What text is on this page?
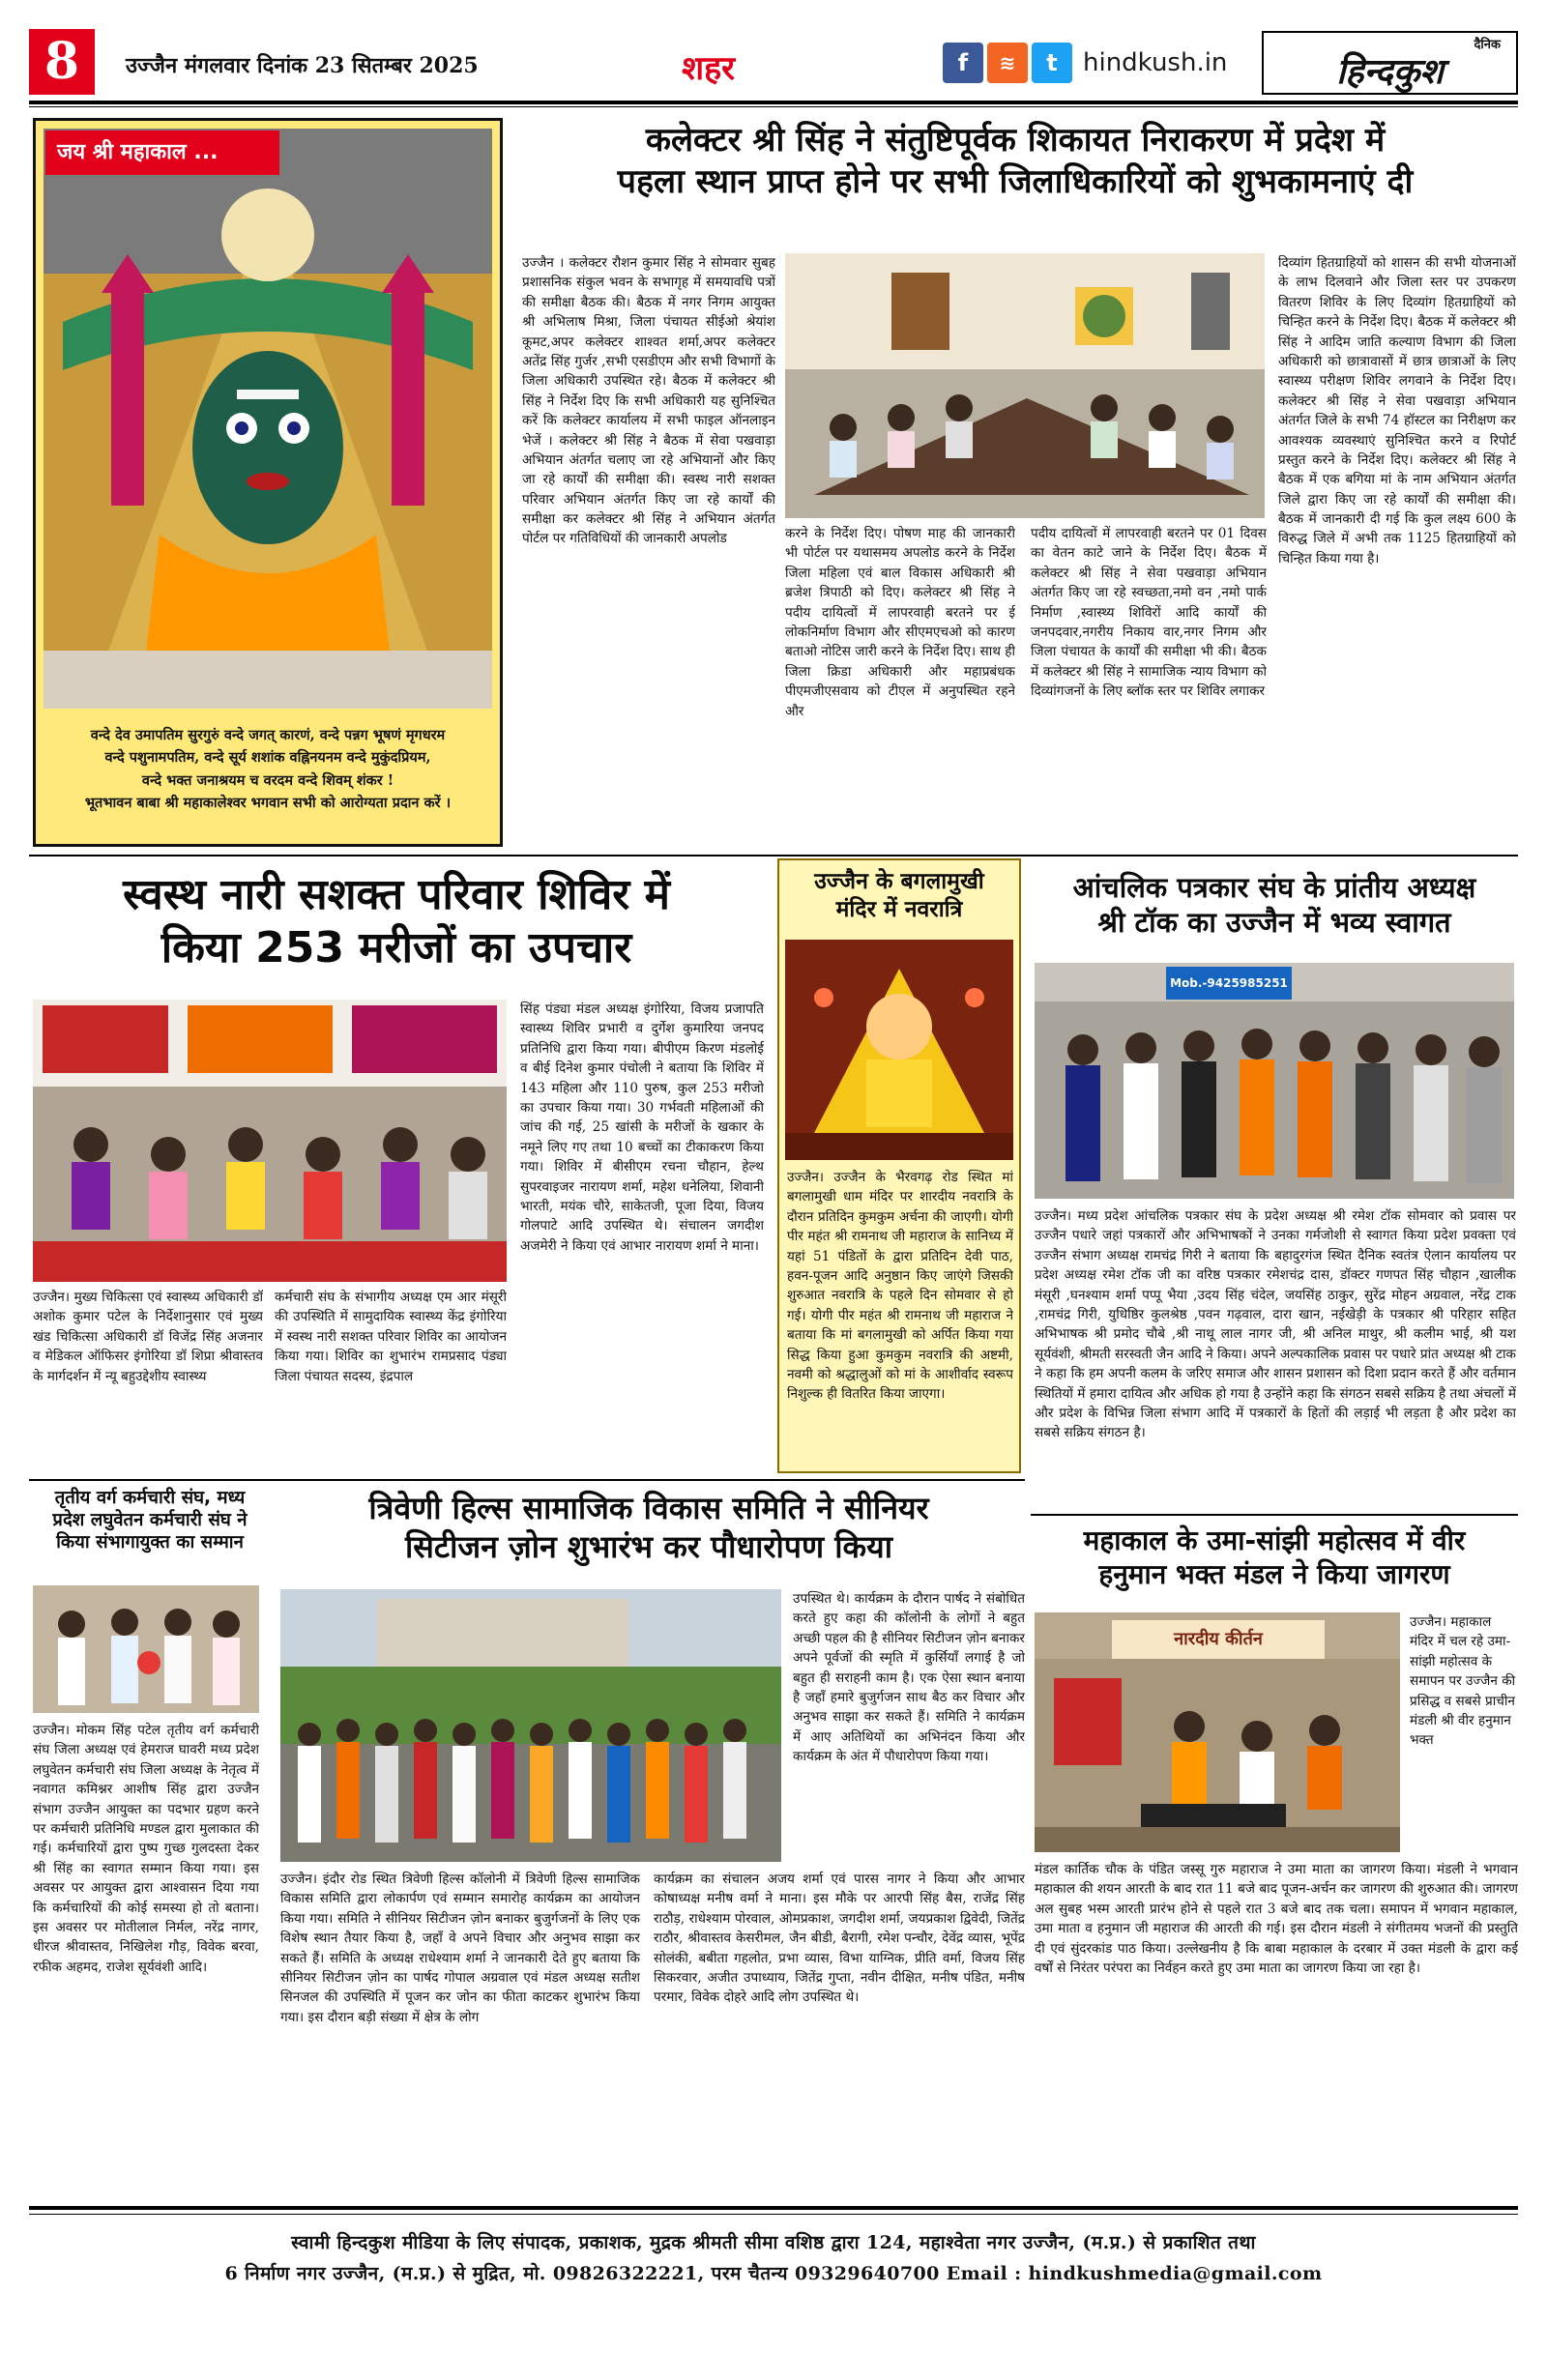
8	उज्जैन मंगलवार दिनांक 23 सितम्बर 2025	शहर	f	≋	t	hindkush.in
दैनिक
हिन्दकुश
जय श्री महाकाल ...
वन्दे देव उमापतिम सुरगुरुं वन्दे जगत् कारणं, वन्दे पन्नग भूषणं मृगधरम
वन्दे पशुनामपतिम, वन्दे सूर्य शशांक वह्निनयनम वन्दे मुकुंदप्रियम,
वन्दे भक्त जनाश्रयम च वरदम वन्दे शिवम् शंकर !
भूतभावन बाबा श्री महाकालेश्वर भगवान सभी को आरोग्यता प्रदान करें ।
कलेक्टर श्री सिंह ने संतुष्टिपूर्वक शिकायत निराकरण में प्रदेश में
पहला स्थान प्राप्त होने पर सभी जिलाधिकारियों को शुभकामनाएं दी
उज्जैन । कलेक्टर रौशन कुमार सिंह ने सोमवार सुबह प्रशासनिक संकुल भवन के सभागृह में समयावधि पत्रों की समीक्षा बैठक की। बैठक में नगर निगम आयुक्त श्री अभिलाष मिश्रा, जिला पंचायत सीईओ श्रेयांश कूमट,अपर कलेक्टर शाश्वत शर्मा,अपर कलेक्टर अतेंद्र सिंह गुर्जर ,सभी एसडीएम और सभी विभागों के जिला अधिकारी उपस्थित रहे। बैठक में कलेक्टर श्री सिंह ने निर्देश दिए कि सभी अधिकारी यह सुनिश्चित करें कि कलेक्टर कार्यालय में सभी फाइल ऑनलाइन भेजें । कलेक्टर श्री सिंह ने बैठक में सेवा पखवाड़ा अभियान अंतर्गत चलाए जा रहे अभियानों और किए जा रहे कार्यों की समीक्षा की। स्वस्थ नारी सशक्त परिवार अभियान अंतर्गत किए जा रहे कार्यों की समीक्षा कर कलेक्टर श्री सिंह ने अभियान अंतर्गत पोर्टल पर गतिविधियों की जानकारी अपलोड	करने के निर्देश दिए। पोषण माह की जानकारी भी पोर्टल पर यथासमय अपलोड करने के निर्देश जिला महिला एवं बाल विकास अधिकारी श्री ब्रजेश त्रिपाठी को दिए। कलेक्टर श्री सिंह ने पदीय दायित्वों में लापरवाही बरतने पर ई लोकनिर्माण विभाग और सीएमएचओ को कारण बताओ नोटिस जारी करने के निर्देश दिए। साथ ही जिला क्रिडा अधिकारी और महाप्रबंधक पीएमजीएसवाय को टीएल में अनुपस्थित रहने और
पदीय दायित्वों में लापरवाही बरतने पर 01 दिवस का वेतन काटे जाने के निर्देश दिए। बैठक में कलेक्टर श्री सिंह ने सेवा पखवाड़ा अभियान अंतर्गत किए जा रहे स्वच्छता,नमो वन ,नमो पार्क निर्माण ,स्वास्थ्य शिविरों आदि कार्यों की जनपदवार,नगरीय निकाय वार,नगर निगम और जिला पंचायत के कार्यों की समीक्षा भी की। बैठक में कलेक्टर श्री सिंह ने सामाजिक न्याय विभाग को दिव्यांगजनों के लिए ब्लॉक स्तर पर शिविर लगाकर
दिव्यांग हितग्राहियों को शासन की सभी योजनाओं के लाभ दिलवाने और जिला स्तर पर उपकरण वितरण शिविर के लिए दिव्यांग हितग्राहियों को चिन्हित करने के निर्देश दिए। बैठक में कलेक्टर श्री सिंह ने आदिम जाति कल्याण विभाग की जिला अधिकारी को छात्रावासों में छात्र छात्राओं के लिए स्वास्थ्य परीक्षण शिविर लगवाने के निर्देश दिए। कलेक्टर श्री सिंह ने सेवा पखवाड़ा अभियान अंतर्गत जिले के सभी 74 हॉस्टल का निरीक्षण कर आवश्यक व्यवस्थाएं सुनिश्चित करने व रिपोर्ट प्रस्तुत करने के निर्देश दिए। कलेक्टर श्री सिंह ने बैठक में एक बगिया मां के नाम अभियान अंतर्गत जिले द्वारा किए जा रहे कार्यों की समीक्षा की। बैठक में जानकारी दी गई कि कुल लक्ष्य 600 के विरुद्ध जिले में अभी तक 1125 हितग्राहियों को चिन्हित किया गया है।
स्वस्थ नारी सशक्त परिवार शिविर में
किया 253 मरीजों का उपचार
उज्जैन। मुख्य चिकित्सा एवं स्वास्थ्य अधिकारी डॉ अशोक कुमार पटेल के निर्देशानुसार एवं मुख्य खंड चिकित्सा अधिकारी डॉ विजेंद्र सिंह अजनार व मेडिकल ऑफिसर इंगोरिया डॉ शिप्रा श्रीवास्तव के मार्गदर्शन में न्यू बहुउद्देशीय स्वास्थ्य
कर्मचारी संघ के संभागीय अध्यक्ष एम आर मंसूरी की उपस्थिति में सामुदायिक स्वास्थ्य केंद्र इंगोरिया में स्वस्थ नारी सशक्त परिवार शिविर का आयोजन किया गया। शिविर का शुभारंभ रामप्रसाद पंड्या जिला पंचायत सदस्य, इंद्रपाल
सिंह पंड्या मंडल अध्यक्ष इंगोरिया, विजय प्रजापति स्वास्थ्य शिविर प्रभारी व दुर्गेश कुमारिया जनपद प्रतिनिधि द्वारा किया गया। बीपीएम किरण मंडलोई व बीई दिनेश कुमार पंचोली ने बताया कि शिविर में 143 महिला और 110 पुरुष, कुल 253 मरीजो का उपचार किया गया। 30 गर्भवती महिलाओं की जांच की गई, 25 खांसी के मरीजों के खकार के नमूने लिए गए तथा 10 बच्चों का टीकाकरण किया गया। शिविर में बीसीएम रचना चौहान, हेल्थ सुपरवाइजर नारायण शर्मा, महेश धनेलिया, शिवानी भारती, मयंक चौरे, साकेतजी, पूजा दिया, विजय गोलपाटे आदि उपस्थित थे। संचालन जगदीश अजमेरी ने किया एवं आभार नारायण शर्मा ने माना।
उज्जैन के बगलामुखी
मंदिर में नवरात्रि
उज्जैन। उज्जैन के भैरवगढ़ रोड स्थित मां बगलामुखी धाम मंदिर पर शारदीय नवरात्रि के दौरान प्रतिदिन कुमकुम अर्चना की जाएगी। योगी पीर महंत श्री रामनाथ जी महाराज के सानिध्य में यहां 51 पंडितों के द्वारा प्रतिदिन देवी पाठ, हवन-पूजन आदि अनुष्ठान किए जाएंगे जिसकी शुरुआत नवरात्रि के पहले दिन सोमवार से हो गई। योगी पीर महंत श्री रामनाथ जी महाराज ने बताया कि मां बगलामुखी को अर्पित किया गया सिद्ध किया हुआ कुमकुम नवरात्रि की अष्टमी, नवमी को श्रद्धालुओं को मां के आशीर्वाद स्वरूप निशुल्क ही वितरित किया जाएगा।
आंचलिक पत्रकार संघ के प्रांतीय अध्यक्ष
श्री टॉक का उज्जैन में भव्य स्वागत
Mob.-9425985251
उज्जैन। मध्य प्रदेश आंचलिक पत्रकार संघ के प्रदेश अध्यक्ष श्री रमेश टॉक सोमवार को प्रवास पर उज्जैन पधारे जहां पत्रकारों और अभिभाषकों ने उनका गर्मजोशी से स्वागत किया प्रदेश प्रवक्ता एवं उज्जैन संभाग अध्यक्ष रामचंद्र गिरी ने बताया कि बहादुरगंज स्थित दैनिक स्वतंत्र ऐलान कार्यालय पर प्रदेश अध्यक्ष रमेश टॉक जी का वरिष्ठ पत्रकार रमेशचंद्र दास, डॉक्टर गणपत सिंह चौहान ,खालीक मंसूरी ,घनश्याम शर्मा पप्पू भैया ,उदय सिंह चंदेल, जयसिंह ठाकुर, सुरेंद्र मोहन अग्रवाल, नरेंद्र टाक ,रामचंद्र गिरी, युधिष्ठिर कुलश्रेष्ठ ,पवन गढ़वाल, दारा खान, नईखेड़ी के पत्रकार श्री परिहार सहित अभिभाषक श्री प्रमोद चौबे ,श्री नाथू लाल नागर जी, श्री अनिल माथुर, श्री कलीम भाई, श्री यश सूर्यवंशी, श्रीमती सरस्वती जैन आदि ने किया। अपने अल्पकालिक प्रवास पर पधारे प्रांत अध्यक्ष श्री टाक ने कहा कि हम अपनी कलम के जरिए समाज और शासन प्रशासन को दिशा प्रदान करते हैं और वर्तमान स्थितियों में हमारा दायित्व और अधिक हो गया है उन्होंने कहा कि संगठन सबसे सक्रिय है तथा अंचलों में और प्रदेश के विभिन्न जिला संभाग आदि में पत्रकारों के हितों की लड़ाई भी लड़ता है और प्रदेश का सबसे सक्रिय संगठन है।
तृतीय वर्ग कर्मचारी संघ, मध्य
प्रदेश लघुवेतन कर्मचारी संघ ने
किया संभागायुक्त का सम्मान
उज्जैन। मोकम सिंह पटेल तृतीय वर्ग कर्मचारी संघ जिला अध्यक्ष एवं हेमराज घावरी मध्य प्रदेश लघुवेतन कर्मचारी संघ जिला अध्यक्ष के नेतृत्व में नवागत कमिश्नर आशीष सिंह द्वारा उज्जैन संभाग उज्जैन आयुक्त का पदभार ग्रहण करने पर कर्मचारी प्रतिनिधि मण्डल द्वारा मुलाकात की गई। कर्मचारियों द्वारा पुष्प गुच्छ गुलदस्ता देकर श्री सिंह का स्वागत सम्मान किया गया। इस अवसर पर आयुक्त द्वारा आश्वासन दिया गया कि कर्मचारियों की कोई समस्या हो तो बताना। इस अवसर पर मोतीलाल निर्मल, नरेंद्र नागर, धीरज श्रीवास्तव, निखिलेश गौड़, विवेक बरवा, रफीक अहमद, राजेश सूर्यवंशी आदि।
त्रिवेणी हिल्स सामाजिक विकास समिति ने सीनियर
सिटीजन ज़ोन शुभारंभ कर पौधारोपण किया
उज्जैन। इंदौर रोड स्थित त्रिवेणी हिल्स कॉलोनी में त्रिवेणी हिल्स सामाजिक विकास समिति द्वारा लोकार्पण एवं सम्मान समारोह कार्यक्रम का आयोजन किया गया। समिति ने सीनियर सिटीजन ज़ोन बनाकर बुजुर्गजनों के लिए एक विशेष स्थान तैयार किया है, जहाँ वे अपने विचार और अनुभव साझा कर सकते हैं। समिति के अध्यक्ष राधेश्याम शर्मा ने जानकारी देते हुए बताया कि सीनियर सिटीजन ज़ोन का पार्षद गोपाल अग्रवाल एवं मंडल अध्यक्ष सतीश सिनजल की उपस्थिति में पूजन कर जोन का फीता काटकर शुभारंभ किया गया। इस दौरान बड़ी संख्या में क्षेत्र के लोग
उपस्थित थे। कार्यक्रम के दौरान पार्षद ने संबोधित करते हुए कहा की कॉलोनी के लोगों ने बहुत अच्छी पहल की है सीनियर सिटीजन ज़ोन बनाकर अपने पूर्वजों की स्मृति में कुर्सियाँ लगाई है जो बहुत ही सराहनी काम है। एक ऐसा स्थान बनाया है जहाँ हमारे बुजुर्गजन साथ बैठ कर विचार और अनुभव साझा कर सकते हैं। समिति ने कार्यक्रम में आए अतिथियों का अभिनंदन किया और कार्यक्रम के अंत में पौधारोपण किया गया।
कार्यक्रम का संचालन अजय शर्मा एवं पारस नागर ने किया और आभार कोषाध्यक्ष मनीष वर्मा ने माना। इस मौके पर आरपी सिंह बैस, राजेंद्र सिंह राठौड़, राधेश्याम पोरवाल, ओमप्रकाश, जगदीश शर्मा, जयप्रकाश द्विवेदी, जितेंद्र राठौर, श्रीवास्तव केसरीमल, जैन बीडी, बैरागी, रमेश पन्चौर, देवेंद्र व्यास, भूपेंद्र सोलंकी, बबीता गहलोत, प्रभा व्यास, विभा याग्निक, प्रीति वर्मा, विजय सिंह सिकरवार, अजीत उपाध्याय, जितेंद्र गुप्ता, नवीन दीक्षित, मनीष पंडित, मनीष परमार, विवेक दोहरे आदि लोग उपस्थित थे।
महाकाल के उमा-सांझी महोत्सव में वीर
हनुमान भक्त मंडल ने किया जागरण
नारदीय कीर्तन
उज्जैन। महाकाल मंदिर में चल रहे उमा-सांझी महोत्सव के समापन पर उज्जैन की प्रसिद्ध व सबसे प्राचीन मंडली श्री वीर हनुमान भक्त
मंडल कार्तिक चौक के पंडित जस्सू गुरु महाराज ने उमा माता का जागरण किया। मंडली ने भगवान महाकाल की शयन आरती के बाद रात 11 बजे बाद पूजन-अर्चन कर जागरण की शुरुआत की। जागरण अल सुबह भस्म आरती प्रारंभ होने से पहले रात 3 बजे बाद तक चला। समापन में भगवान महाकाल, उमा माता व हनुमान जी महाराज की आरती की गई। इस दौरान मंडली ने संगीतमय भजनों की प्रस्तुति दी एवं सुंदरकांड पाठ किया। उल्लेखनीय है कि बाबा महाकाल के दरबार में उक्त मंडली के द्वारा कई वर्षों से निरंतर परंपरा का निर्वहन करते हुए उमा माता का जागरण किया जा रहा है।
स्वामी हिन्दकुश मीडिया के लिए संपादक, प्रकाशक, मुद्रक श्रीमती सीमा वशिष्ठ द्वारा 124, महाश्वेता नगर उज्जैन, (म.प्र.) से प्रकाशित तथा
6 निर्माण नगर उज्जैन, (म.प्र.) से मुद्रित, मो. 09826322221, परम चैतन्य 09329640700 Email : hindkushmedia@gmail.com
